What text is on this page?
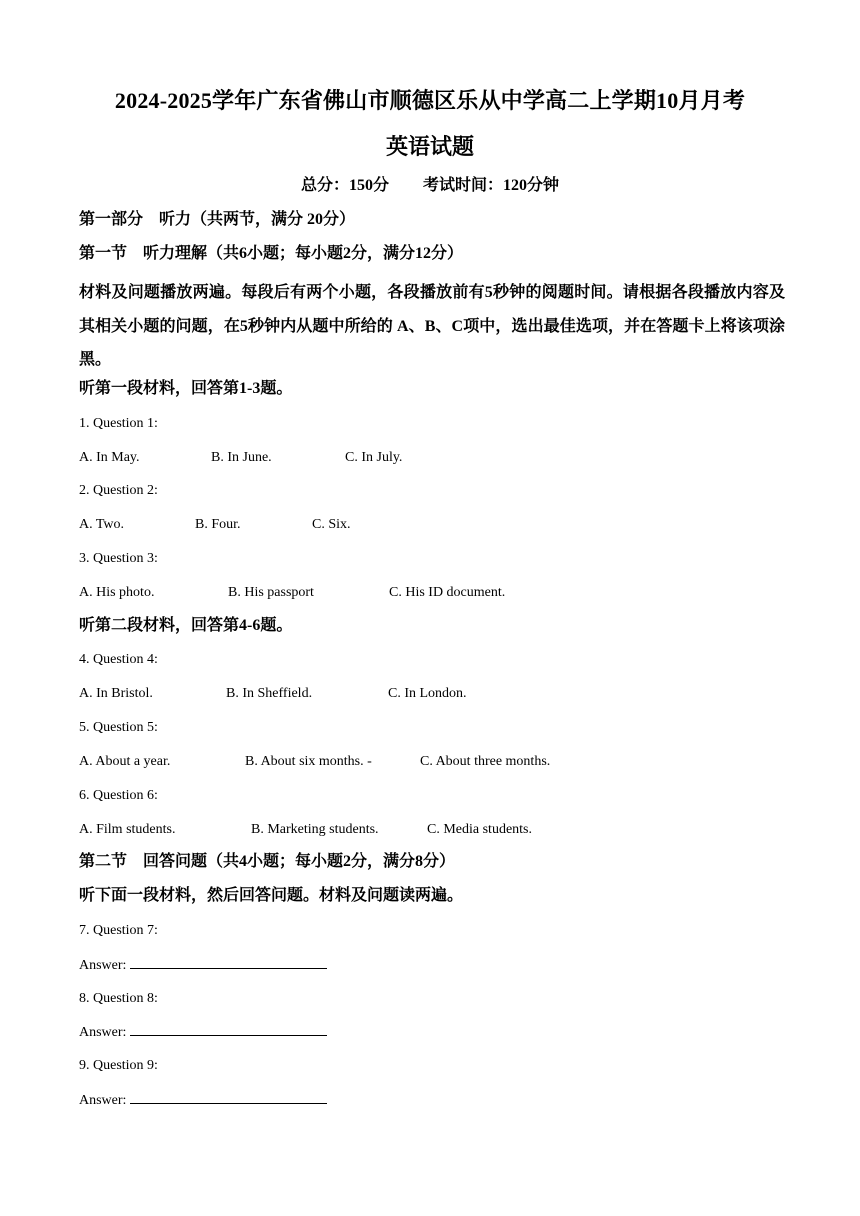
2024-2025学年广东省佛山市顺德区乐从中学高二上学期10月月考
英语试题
总分：150分 考试时间：120分钟
第一部分　听力（共两节，满分 20分）
第一节　听力理解（共6小题；每小题2分，满分12分）
材料及问题播放两遍。每段后有两个小题，各段播放前有5秒钟的阅题时间。请根据各段播放内容及其相关小题的问题，在5秒钟内从题中所给的 A、B、C项中，选出最佳选项，并在答题卡上将该项涂黑。
听第一段材料，回答第1-3题。
1. Question 1:
A. In May.	B. In June.	C. In July.
2. Question 2:
A. Two.	B. Four.	C. Six.
3. Question 3:
A. His photo.	B. His passport	C. His ID document.
听第二段材料，回答第4-6题。
4. Question 4:
A. In Bristol.	B. In Sheffield.	C. In London.
5. Question 5:
A. About a year.	B. About six months. -	C. About three months.
6. Question 6:
A. Film students.	B. Marketing students.	C. Media students.
第二节　回答问题（共4小题；每小题2分，满分8分）
听下面一段材料，然后回答问题。材料及问题读两遍。
7. Question 7:
Answer:
8. Question 8:
Answer:
9. Question 9:
Answer:
